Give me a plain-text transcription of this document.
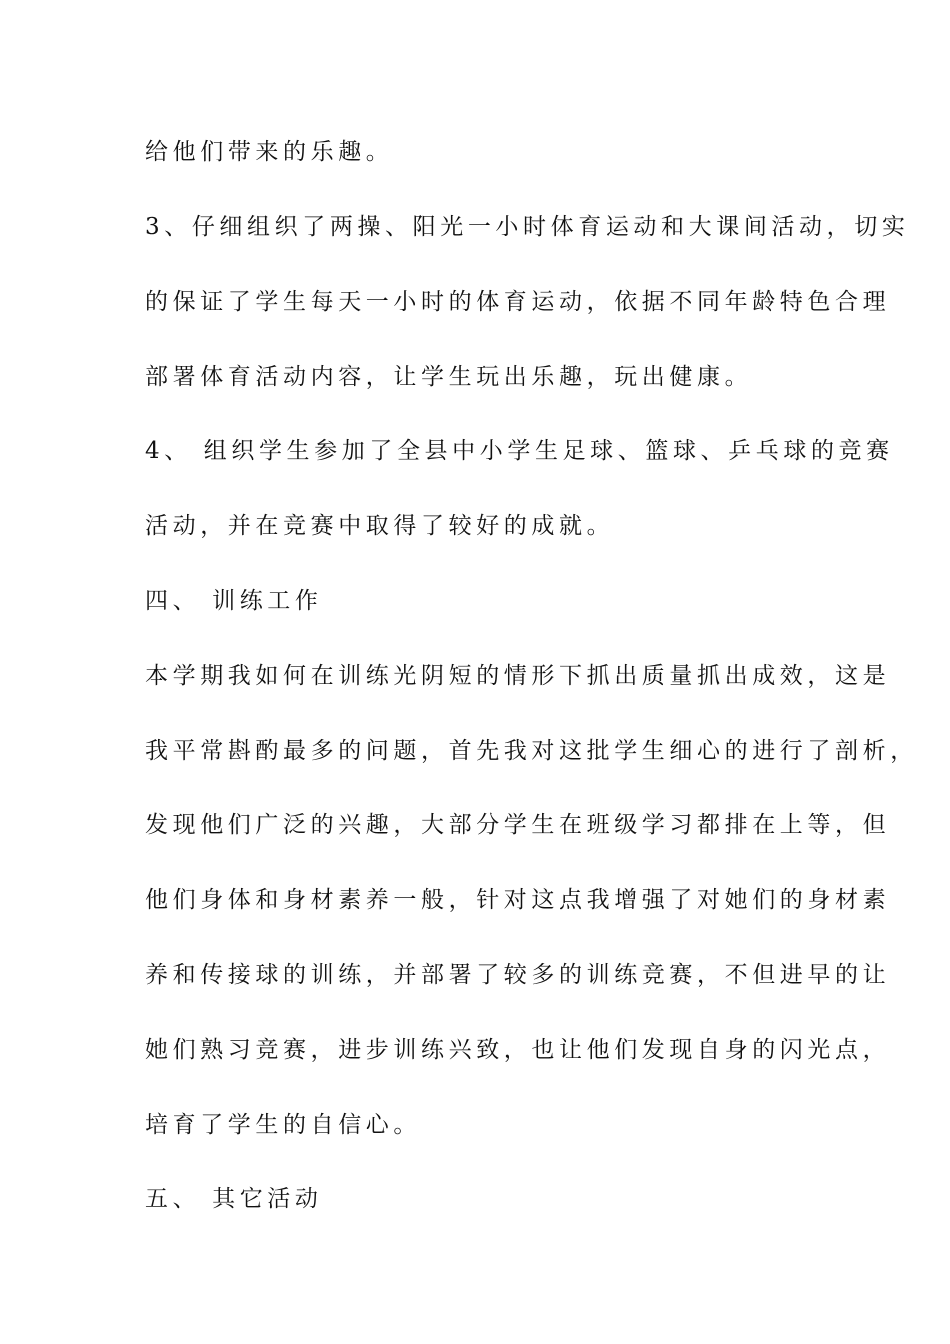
给他们带来的乐趣。
3、仔细组织了两操、阳光一小时体育运动和大课间活动，切实
的保证了学生每天一小时的体育运动，依据不同年龄特色合理
部署体育活动内容，让学生玩出乐趣，玩出健康。
4、 组织学生参加了全县中小学生足球、篮球、乒乓球的竞赛
活动，并在竞赛中取得了较好的成就。
四、 训练工作
本学期我如何在训练光阴短的情形下抓出质量抓出成效，这是
我平常斟酌最多的问题，首先我对这批学生细心的进行了剖析，
发现他们广泛的兴趣，大部分学生在班级学习都排在上等，但
他们身体和身材素养一般，针对这点我增强了对她们的身材素
养和传接球的训练，并部署了较多的训练竞赛，不但进早的让
她们熟习竞赛，进步训练兴致，也让他们发现自身的闪光点，
培育了学生的自信心。
五、 其它活动
